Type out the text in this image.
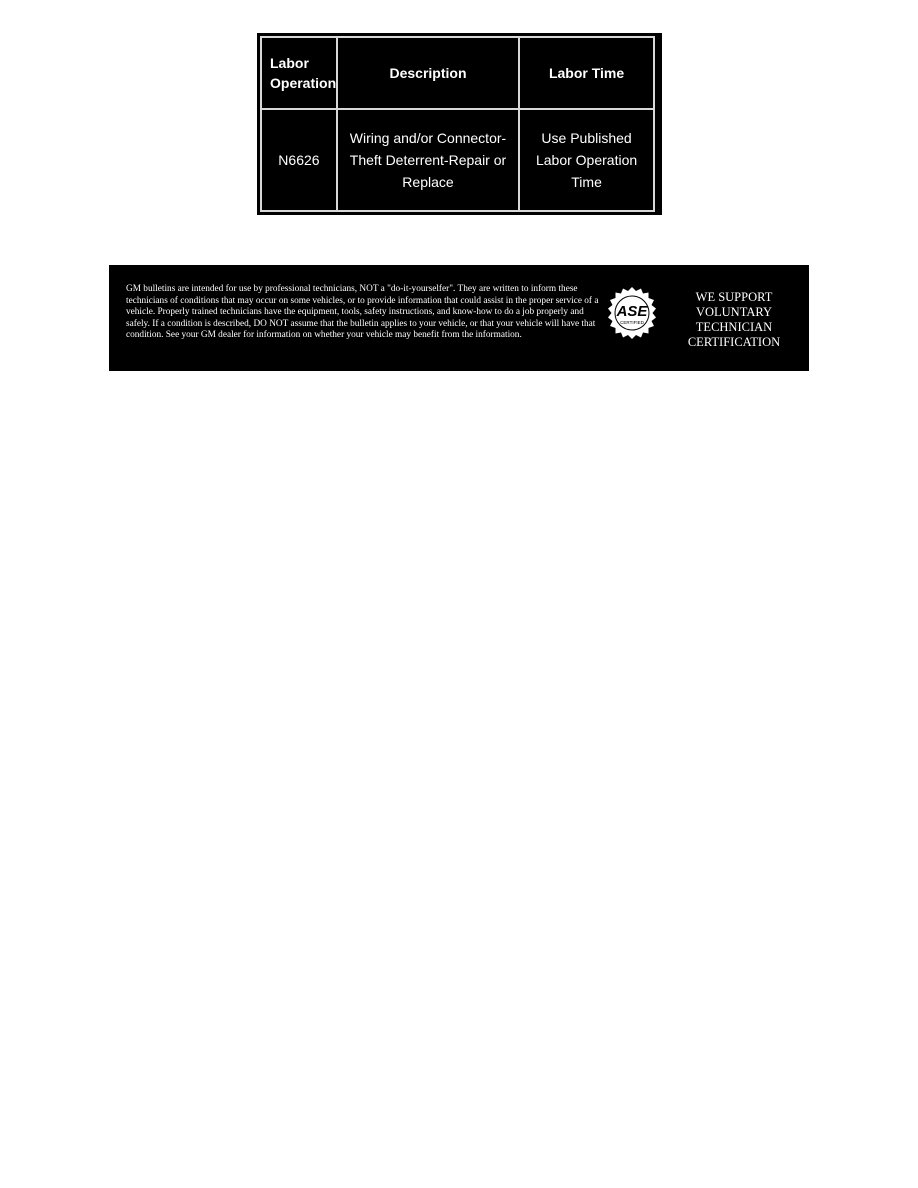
Labor Operation	Description	Labor Time
N6626	Wiring and/or Connector-Theft Deterrent-Repair or Replace	Use Published Labor Operation Time

GM bulletins are intended for use by professional technicians, NOT a "do-it-yourselfer". They are written to inform these technicians of conditions that may occur on some vehicles, or to provide information that could assist in the proper service of a vehicle. Properly trained technicians have the equipment, tools, safety instructions, and know-how to do a job properly and safely. If a condition is described, DO NOT assume that the bulletin applies to your vehicle, or that your vehicle will have that condition. See your GM dealer for information on whether your vehicle may benefit from the information.

ASE
CERTIFIED

WE SUPPORT
VOLUNTARY
TECHNICIAN
CERTIFICATION
